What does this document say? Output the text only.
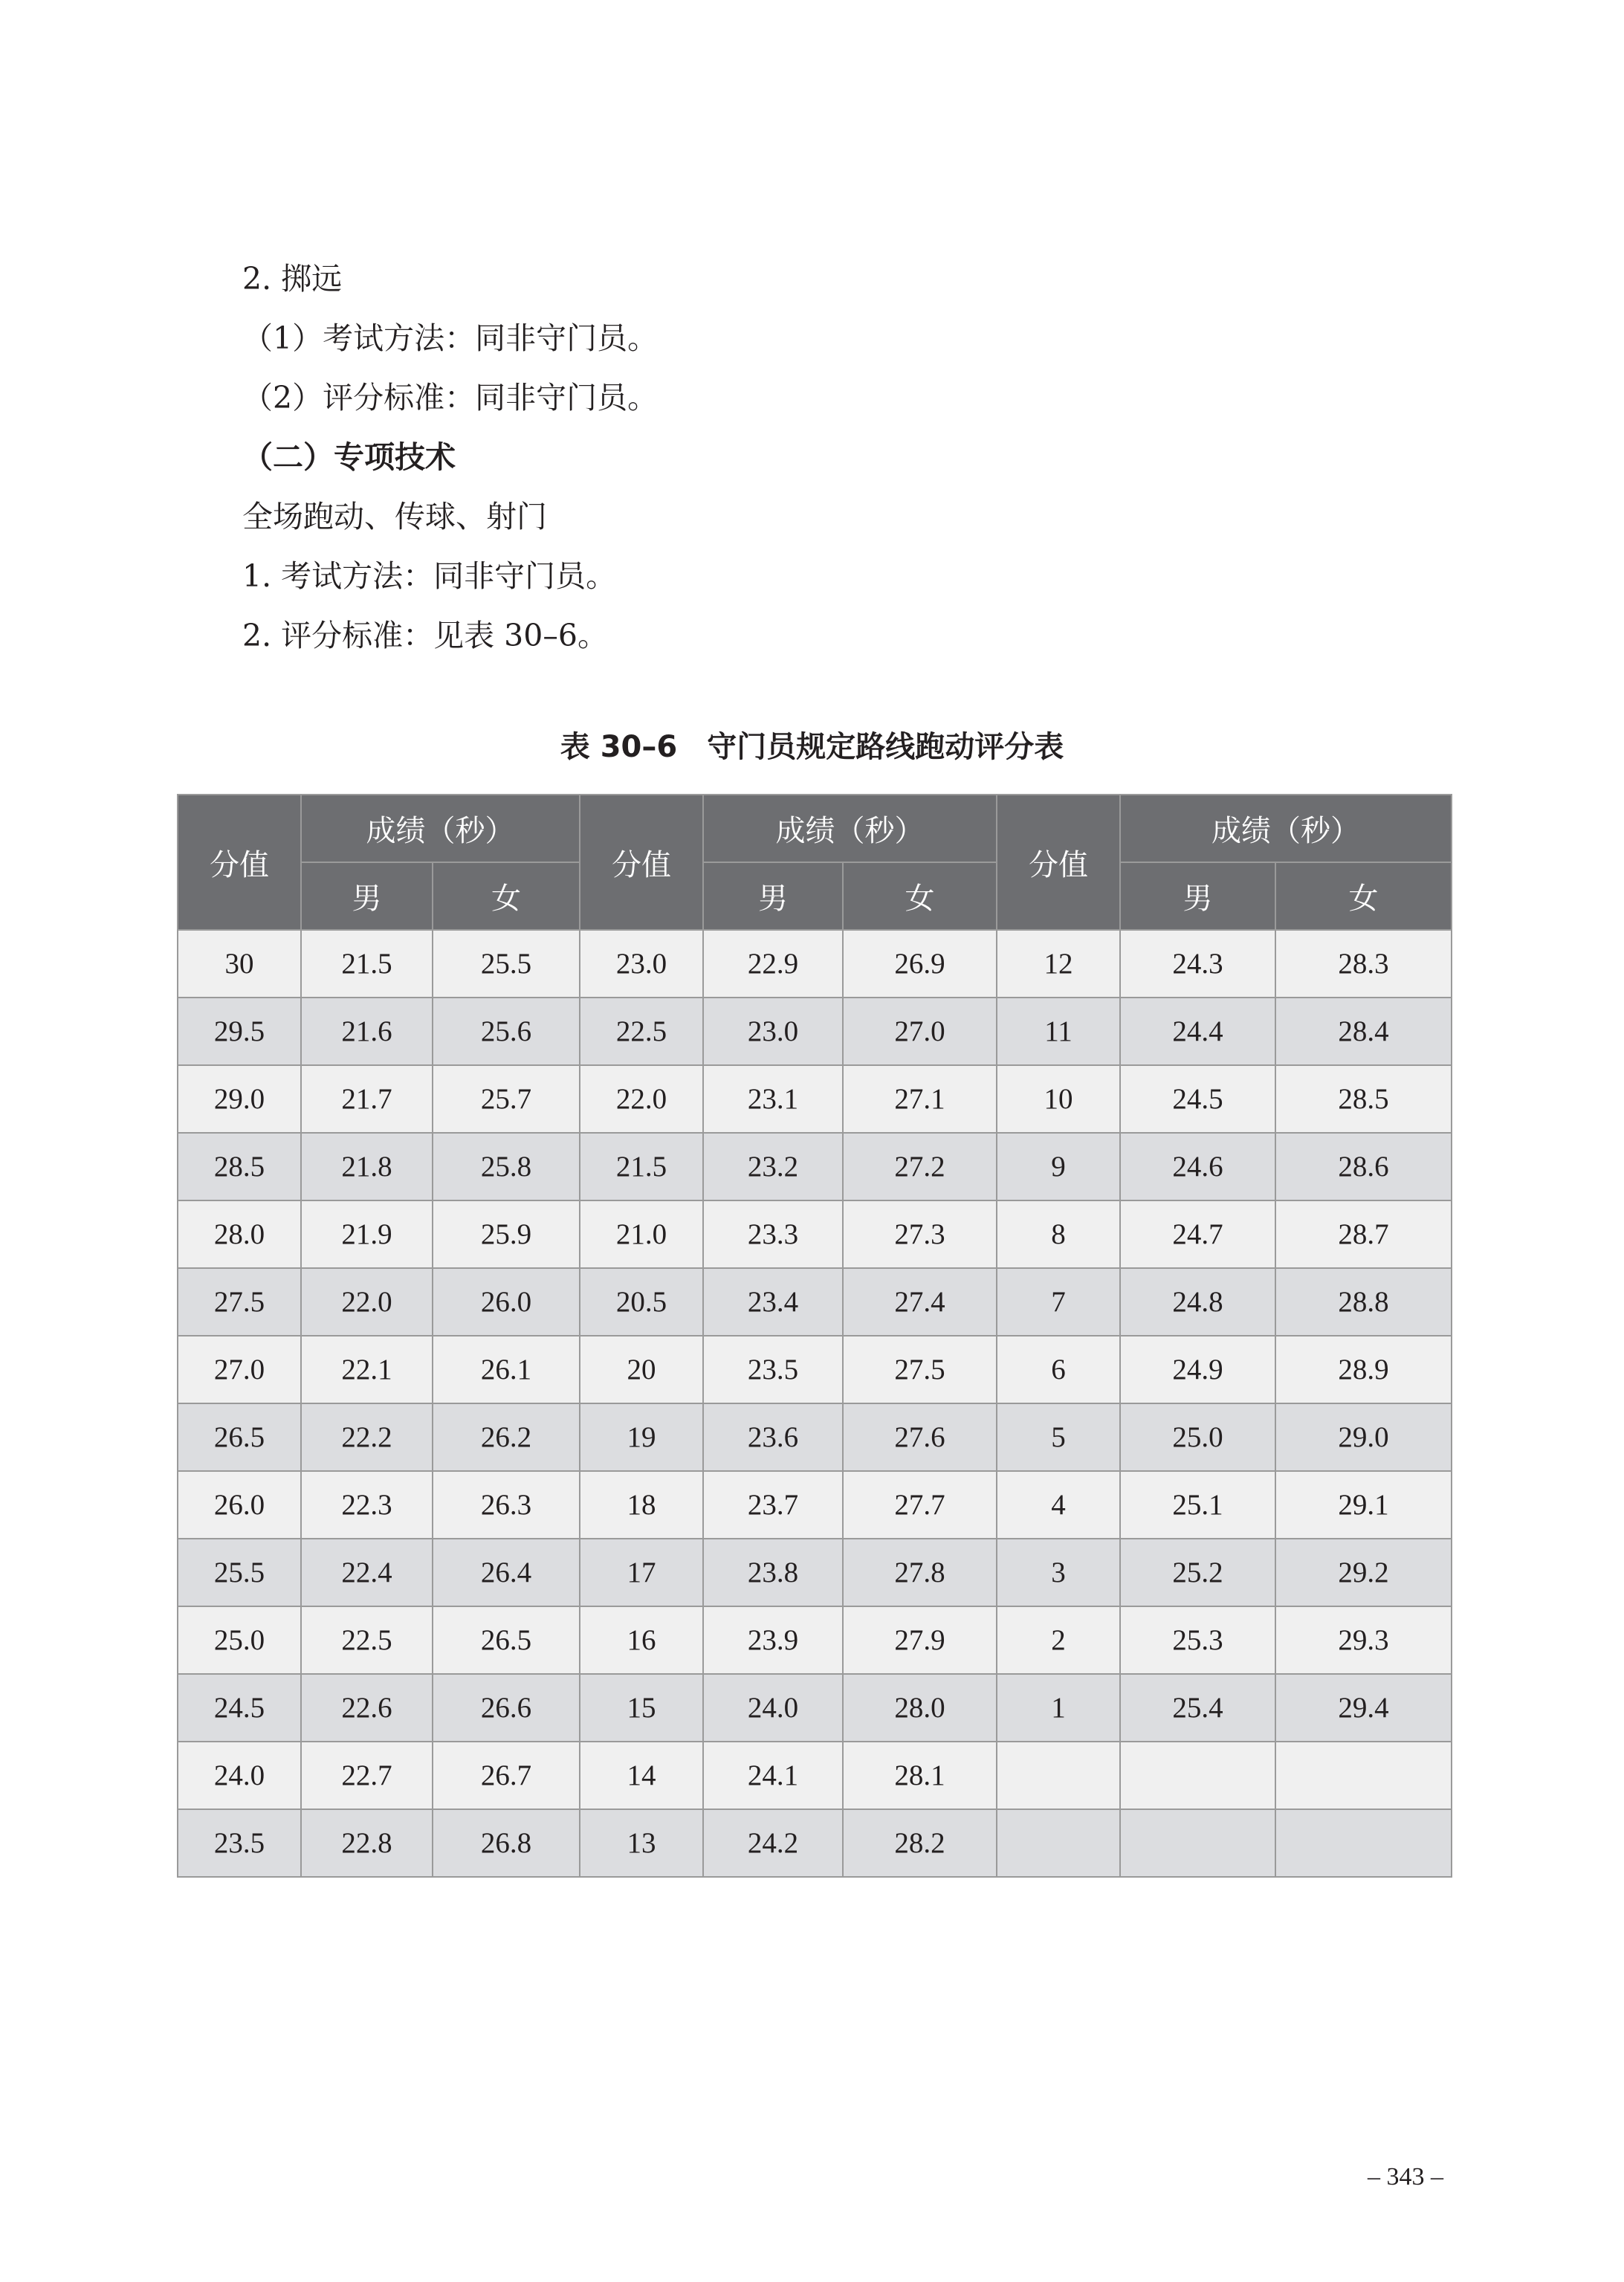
2. 掷远
（1）考试方法：同非守门员。
（2）评分标准：同非守门员。
（二）专项技术
全场跑动、传球、射门
1. 考试方法：同非守门员。
2. 评分标准：见表 30–6。
表 30–6　守门员规定路线跑动评分表
分值	成绩（秒）		分值	成绩（秒）		分值	成绩（秒）	
	男	女		男	女		男	女
30	21.5	25.5	23.0	22.9	26.9	12	24.3	28.3
29.5	21.6	25.6	22.5	23.0	27.0	11	24.4	28.4
29.0	21.7	25.7	22.0	23.1	27.1	10	24.5	28.5
28.5	21.8	25.8	21.5	23.2	27.2	9	24.6	28.6
28.0	21.9	25.9	21.0	23.3	27.3	8	24.7	28.7
27.5	22.0	26.0	20.5	23.4	27.4	7	24.8	28.8
27.0	22.1	26.1	20	23.5	27.5	6	24.9	28.9
26.5	22.2	26.2	19	23.6	27.6	5	25.0	29.0
26.0	22.3	26.3	18	23.7	27.7	4	25.1	29.1
25.5	22.4	26.4	17	23.8	27.8	3	25.2	29.2
25.0	22.5	26.5	16	23.9	27.9	2	25.3	29.3
24.5	22.6	26.6	15	24.0	28.0	1	25.4	29.4
24.0	22.7	26.7	14	24.1	28.1			
23.5	22.8	26.8	13	24.2	28.2			
– 343 –
